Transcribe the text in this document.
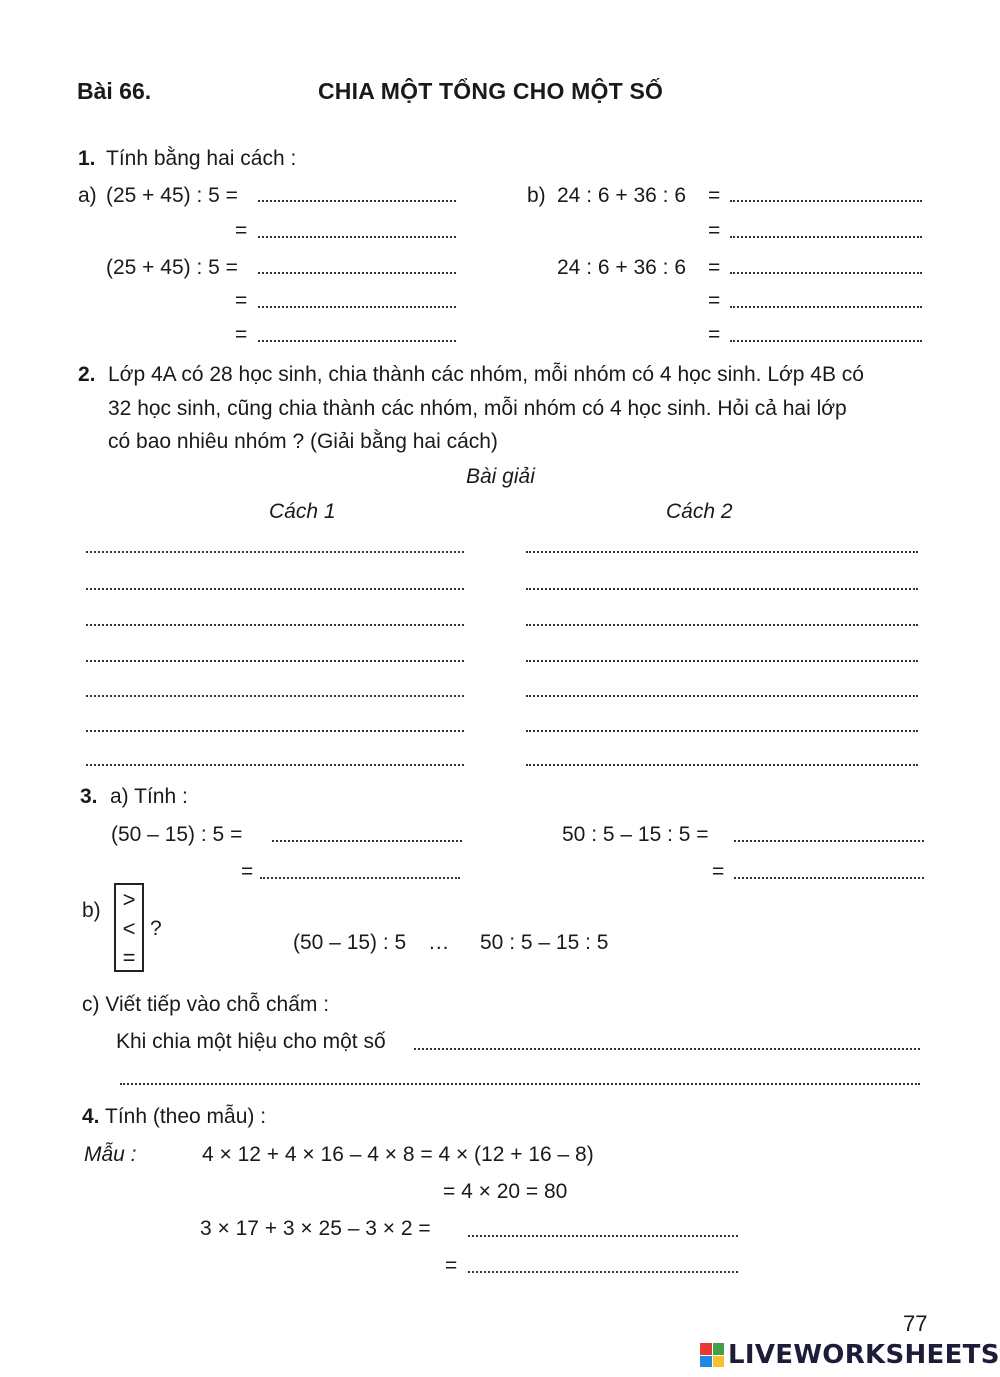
Bài 66.	CHIA MỘT TỔNG CHO MỘT SỐ
1. Tính bằng hai cách :
a) (25 + 45) : 5 =
=
(25 + 45) : 5 =
=
=
b) 24 : 6 + 36 : 6 =
=
24 : 6 + 36 : 6 =
=
=
2. Lớp 4A có 28 học sinh, chia thành các nhóm, mỗi nhóm có 4 học sinh. Lớp 4B có
32 học sinh, cũng chia thành các nhóm, mỗi nhóm có 4 học sinh. Hỏi cả hai lớp
có bao nhiêu nhóm ? (Giải bằng hai cách)
Bài giải
Cách 1	Cách 2
3. a) Tính :
(50 – 15) : 5 =
=
50 : 5 – 15 : 5 =
=
b) >
<
=
?
(50 – 15) : 5 ... 50 : 5 – 15 : 5
c) Viết tiếp vào chỗ chấm :
Khi chia một hiệu cho một số
4. Tính (theo mẫu) :
Mẫu :	4 × 12 + 4 × 16 – 4 × 8 = 4 × (12 + 16 – 8)
= 4 × 20 = 80
3 × 17 + 3 × 25 – 3 × 2 =
=
77
LIVEWORKSHEETS
